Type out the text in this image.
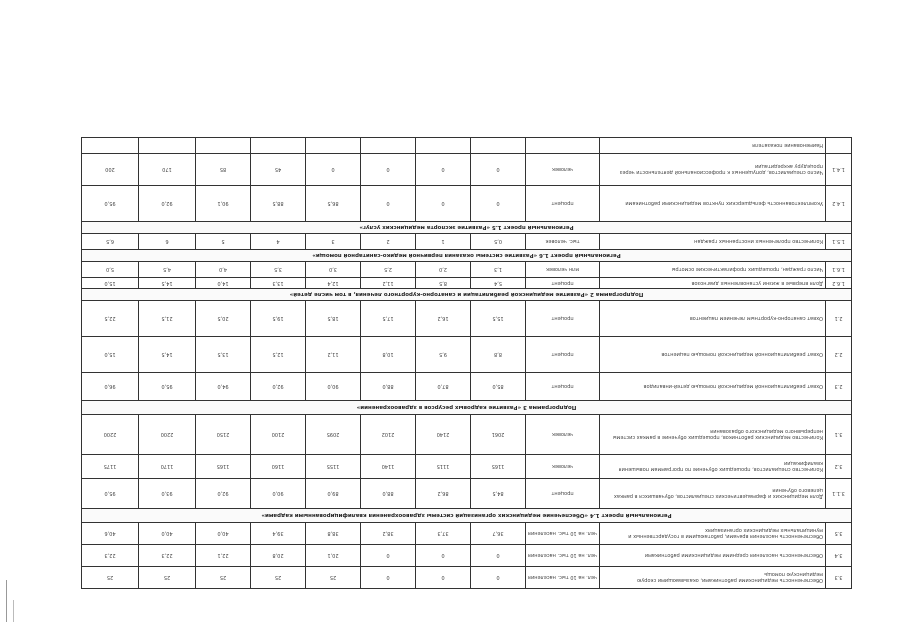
3.3	Обеспеченность медицинскими работниками, оказывающими скорую медицинскую помощь	чел. на 10 тыс. населения	0	0	0	25	25	25	25	25
3.4	Обеспеченность населения средними медицинскими работниками	чел. на 10 тыс. населения	0	0	0	20,1	20,8	22,1	22,3	22,3
3.5	Обеспеченность населения врачами, работающими в государственных и муниципальных медицинских организациях	чел. на 10 тыс. населения	36,7	37,3	38,2	38,8	39,4	40,0	40,0	40,6
Региональный проект 1.4 «Обеспечение медицинских организаций системы здравоохранения квалифицированными кадрами»										
3.1.1	Доля медицинских и фармацевтических специалистов, обучавшихся в рамках целевого обучения	процент	84,5	86,2	88,0	89,0	90,0	92,0	93,0	95,0
3.2	Количество специалистов, прошедших обучение по программам повышения квалификации	человек	1165	1115	1140	1155	1160	1165	1170	1175
3.1	Количество медицинских работников, прошедших обучение в рамках системы непрерывного медицинского образования	человек	2061	2140	2102	2095	2100	2150	2200	2200
Подпрограмма 3 «Развитие кадровых ресурсов в здравоохранении»										
2.3	Охват реабилитационной медицинской помощью детей-инвалидов	процент	85,0	87,0	88,0	90,0	92,0	94,0	95,0	96,0
2.2	Охват реабилитационной медицинской помощью пациентов	процент	8,8	9,5	10,8	11,2	12,5	13,5	14,5	15,0
2.1	Охват санаторно-курортным лечением пациентов	процент	15,5	16,2	17,5	18,5	19,5	20,5	21,5	22,5
Подпрограмма 2 «Развитие медицинской реабилитации и санаторно-курортного лечения, в том числе детей»										
1.6.2	Доля впервые в жизни установленных диагнозов	процент	5,4	8,5	11,2	12,4	13,3	14,0	14,5	15,0
1.6.1	Число граждан, прошедших профилактические осмотры	млн человек	1,3	2,0	2,5	3,0	3,5	4,0	4,5	5,0
Региональный проект 1.6 «Развитие системы оказания первичной медико-санитарной помощи»										
1.5.1	Количество пролеченных иностранных граждан	тыс. человек	0,5	1	2	3	4	5	6	6,5
Региональный проект 1.5 «Развитие экспорта медицинских услуг»										
1.4.2	Укомплектованность фельдшерских пунктов медицинскими работниками	процент	0	0	0	86,5	88,5	90,1	92,0	95,0
1.4.1	Число специалистов, допущенных к профессиональной деятельности через процедуру аккредитации	человек	0	0	0	0	45	85	170	200
	Наименование показателя									
